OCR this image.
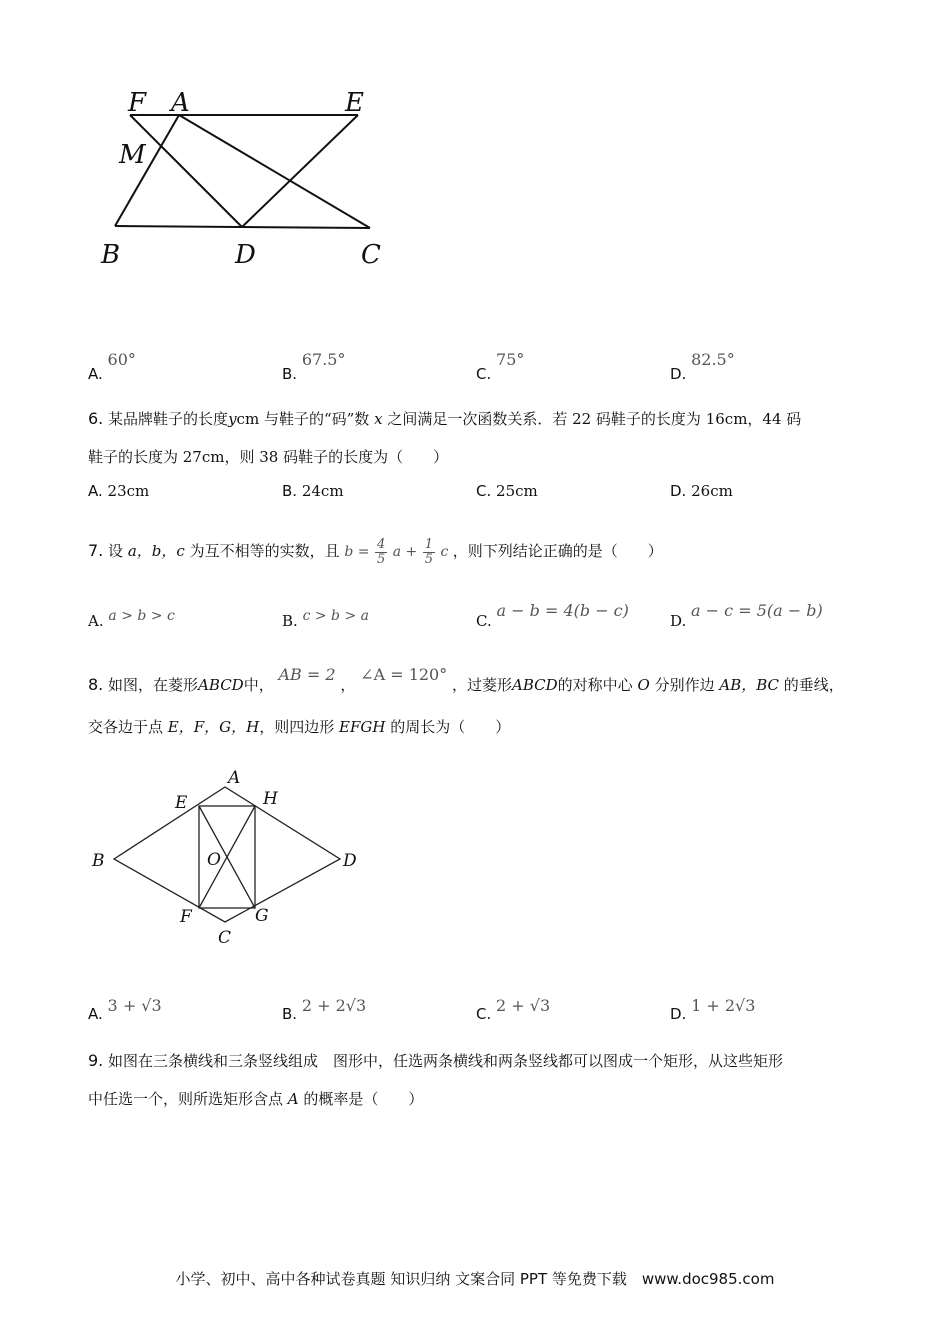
F A	E
M
B	D	C
A. 60°
B. 67.5°
C. 75°
D. 82.5°
6. 某品牌鞋子的长度ycm 与鞋子的“码”数 x 之间满足一次函数关系．若 22 码鞋子的长度为 16cm，44 码
鞋子的长度为 27cm，则 38 码鞋子的长度为（　　）
A. 23cm	B. 24cm	C. 25cm	D. 26cm
7. 设 a，b，c 为互不相等的实数，且 $b = \frac{4}{5}$ $a + \frac{1}{5}$ c ，则下列结论正确的是（　　）
A. a > b > c	B. c > b > a	C. a − b = 4(b − c)
D. a − c = 5(a − b)
8. 如图，在菱形ABCD中， AB = 2 ， ∠A = 120° ，过菱形ABCD的对称中心 O 分别作边 AB，BC 的垂线，
交各边于点 E，F，G，H，则四边形 EFGH 的周长为（　　）
A
E	H
B	O	D
F	G
C
A. 3 + √3	B. 2 + 2√3	C. 2 + √3	D. 1 + 2√3
9. 如图在三条横线和三条竖线组成　图形中，任选两条横线和两条竖线都可以图成一个矩形，从这些矩形
中任选一个，则所选矩形含点 A 的概率是（　　）
小学、初中、高中各种试卷真题 知识归纳 文案合同 PPT 等免费下载　www.doc985.com
